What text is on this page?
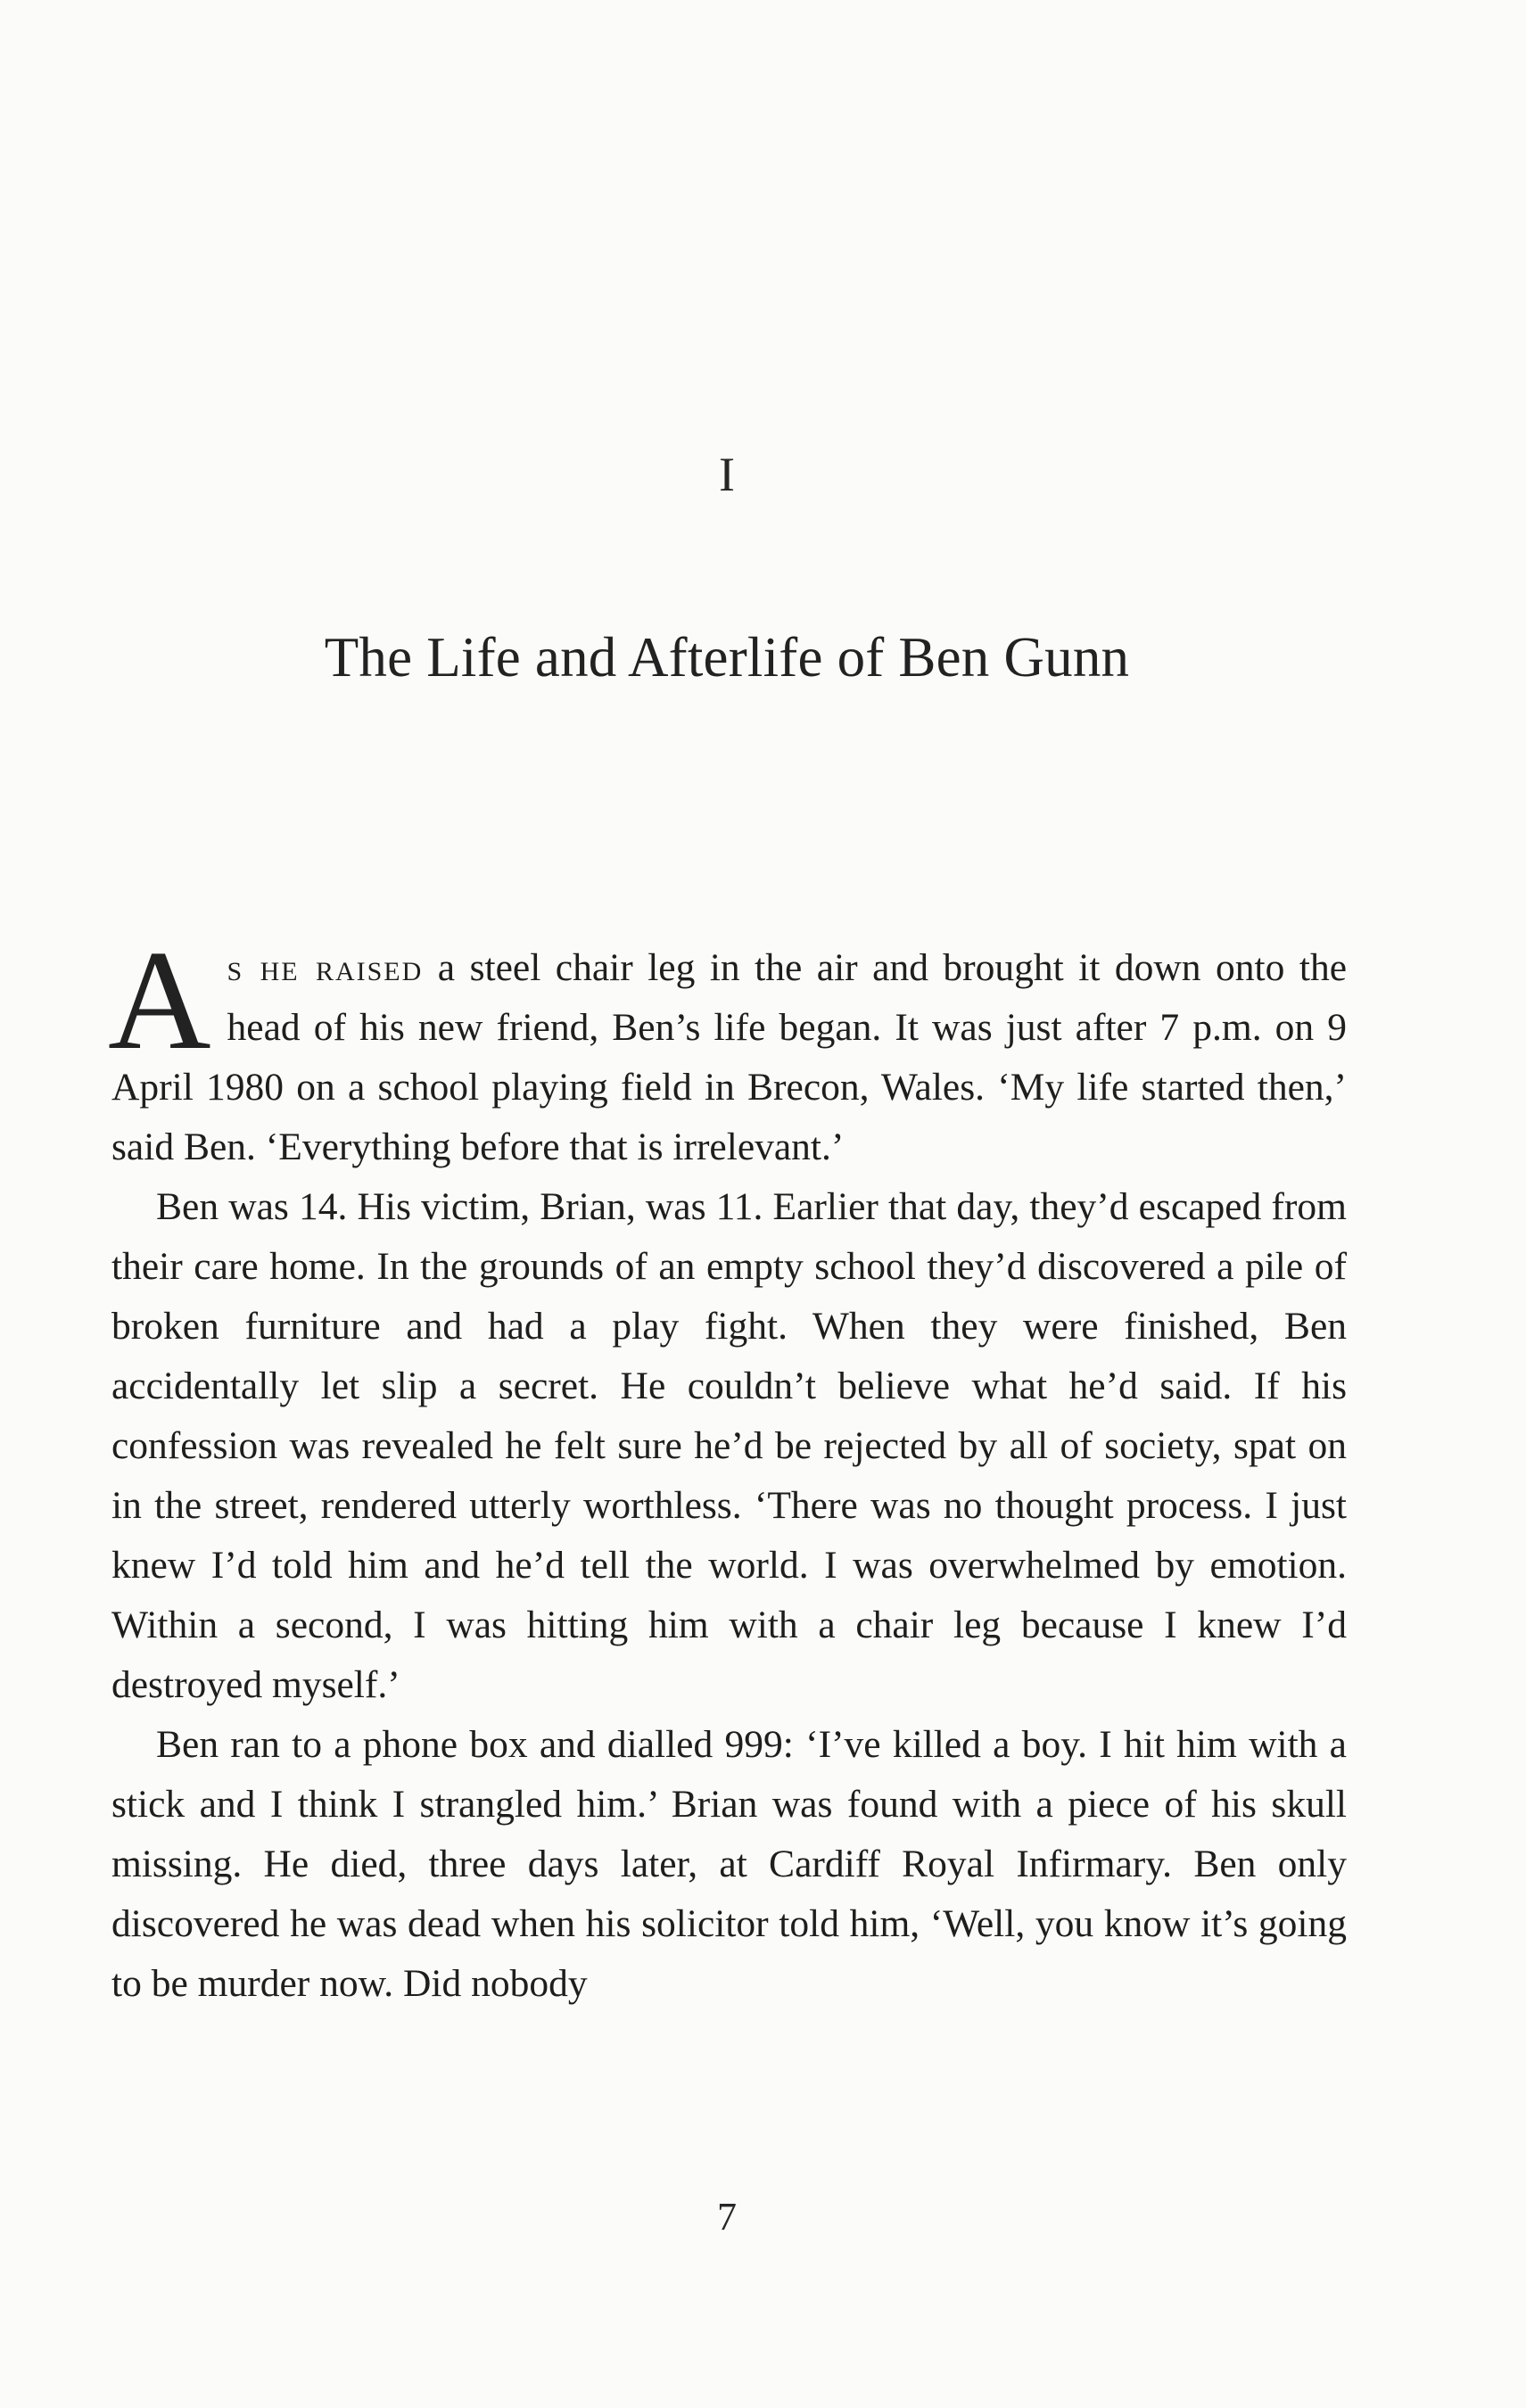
I
The Life and Afterlife of Ben Gunn

As he raised a steel chair leg in the air and brought it down onto the head of his new friend, Ben’s life began. It was just after 7 p.m. on 9 April 1980 on a school playing field in Brecon, Wales. ‘My life started then,’ said Ben. ‘Everything before that is irrelevant.’

Ben was 14. His victim, Brian, was 11. Earlier that day, they’d escaped from their care home. In the grounds of an empty school they’d discovered a pile of broken furniture and had a play fight. When they were finished, Ben accidentally let slip a secret. He couldn’t believe what he’d said. If his confession was revealed he felt sure he’d be rejected by all of society, spat on in the street, rendered utterly worthless. ‘There was no thought process. I just knew I’d told him and he’d tell the world. I was overwhelmed by emotion. Within a second, I was hitting him with a chair leg because I knew I’d destroyed myself.’

Ben ran to a phone box and dialled 999: ‘I’ve killed a boy. I hit him with a stick and I think I strangled him.’ Brian was found with a piece of his skull missing. He died, three days later, at Cardiff Royal Infirmary. Ben only discovered he was dead when his solicitor told him, ‘Well, you know it’s going to be murder now. Did nobody

7
